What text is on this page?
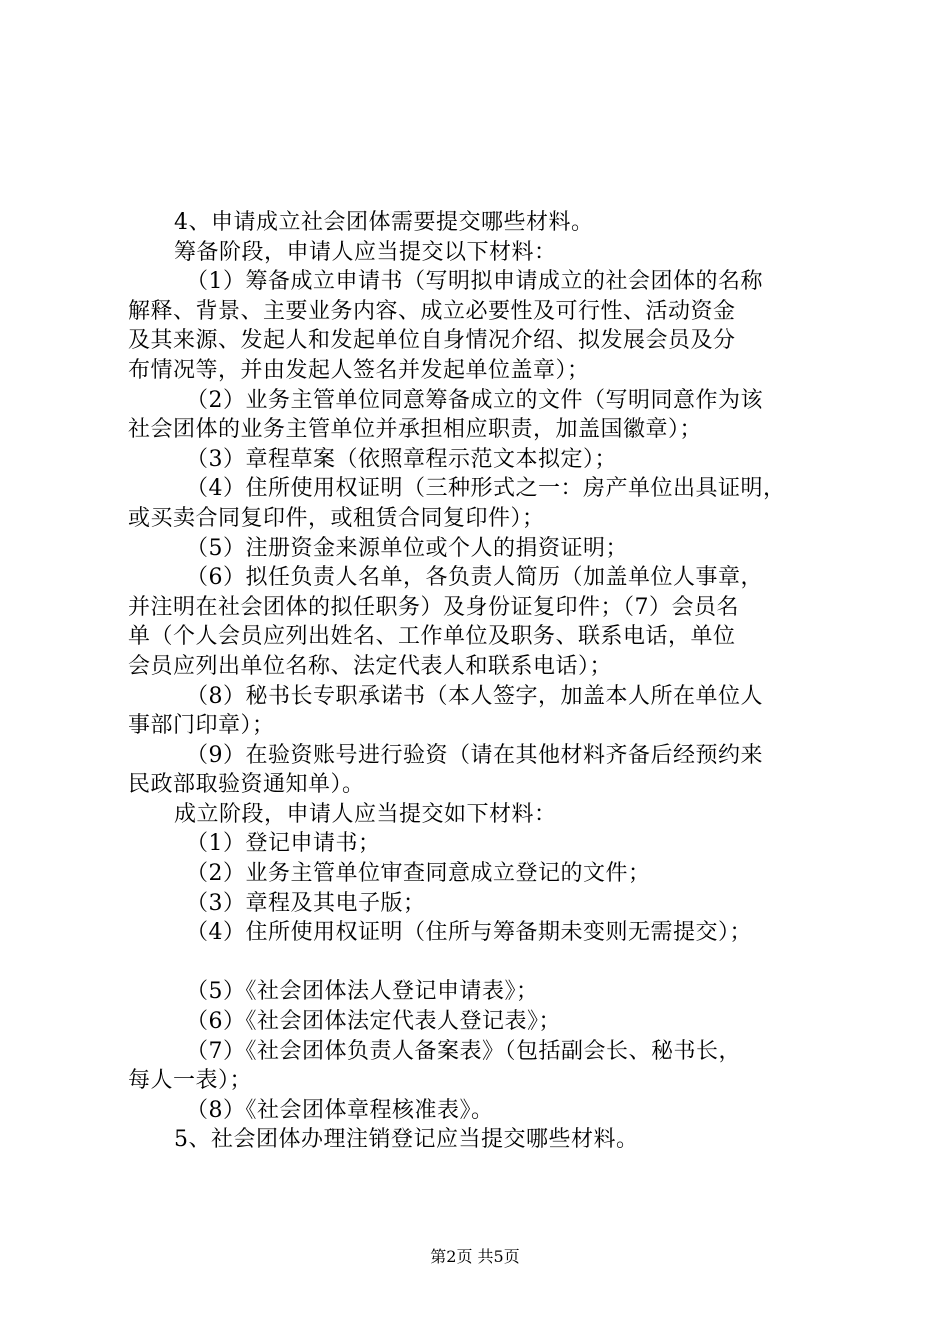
4、申请成立社会团体需要提交哪些材料。
筹备阶段，申请人应当提交以下材料：
（1）筹备成立申请书（写明拟申请成立的社会团体的名称
解释、背景、主要业务内容、成立必要性及可行性、活动资金
及其来源、发起人和发起单位自身情况介绍、拟发展会员及分
布情况等，并由发起人签名并发起单位盖章）；
（2）业务主管单位同意筹备成立的文件（写明同意作为该
社会团体的业务主管单位并承担相应职责，加盖国徽章）；
（3）章程草案（依照章程示范文本拟定）；
（4）住所使用权证明（三种形式之一：房产单位出具证明，
或买卖合同复印件，或租赁合同复印件）；
（5）注册资金来源单位或个人的捐资证明；
（6）拟任负责人名单，各负责人简历（加盖单位人事章，
并注明在社会团体的拟任职务）及身份证复印件；（7）会员名
单（个人会员应列出姓名、工作单位及职务、联系电话，单位
会员应列出单位名称、法定代表人和联系电话）；
（8）秘书长专职承诺书（本人签字，加盖本人所在单位人
事部门印章）；
（9）在验资账号进行验资（请在其他材料齐备后经预约来
民政部取验资通知单）。
成立阶段，申请人应当提交如下材料：
（1）登记申请书；
（2）业务主管单位审查同意成立登记的文件；
（3）章程及其电子版；
（4）住所使用权证明（住所与筹备期未变则无需提交）；
（5）《社会团体法人登记申请表》；
（6）《社会团体法定代表人登记表》；
（7）《社会团体负责人备案表》（包括副会长、秘书长，
每人一表）；
（8）《社会团体章程核准表》。
5、社会团体办理注销登记应当提交哪些材料。
第2页 共5页
